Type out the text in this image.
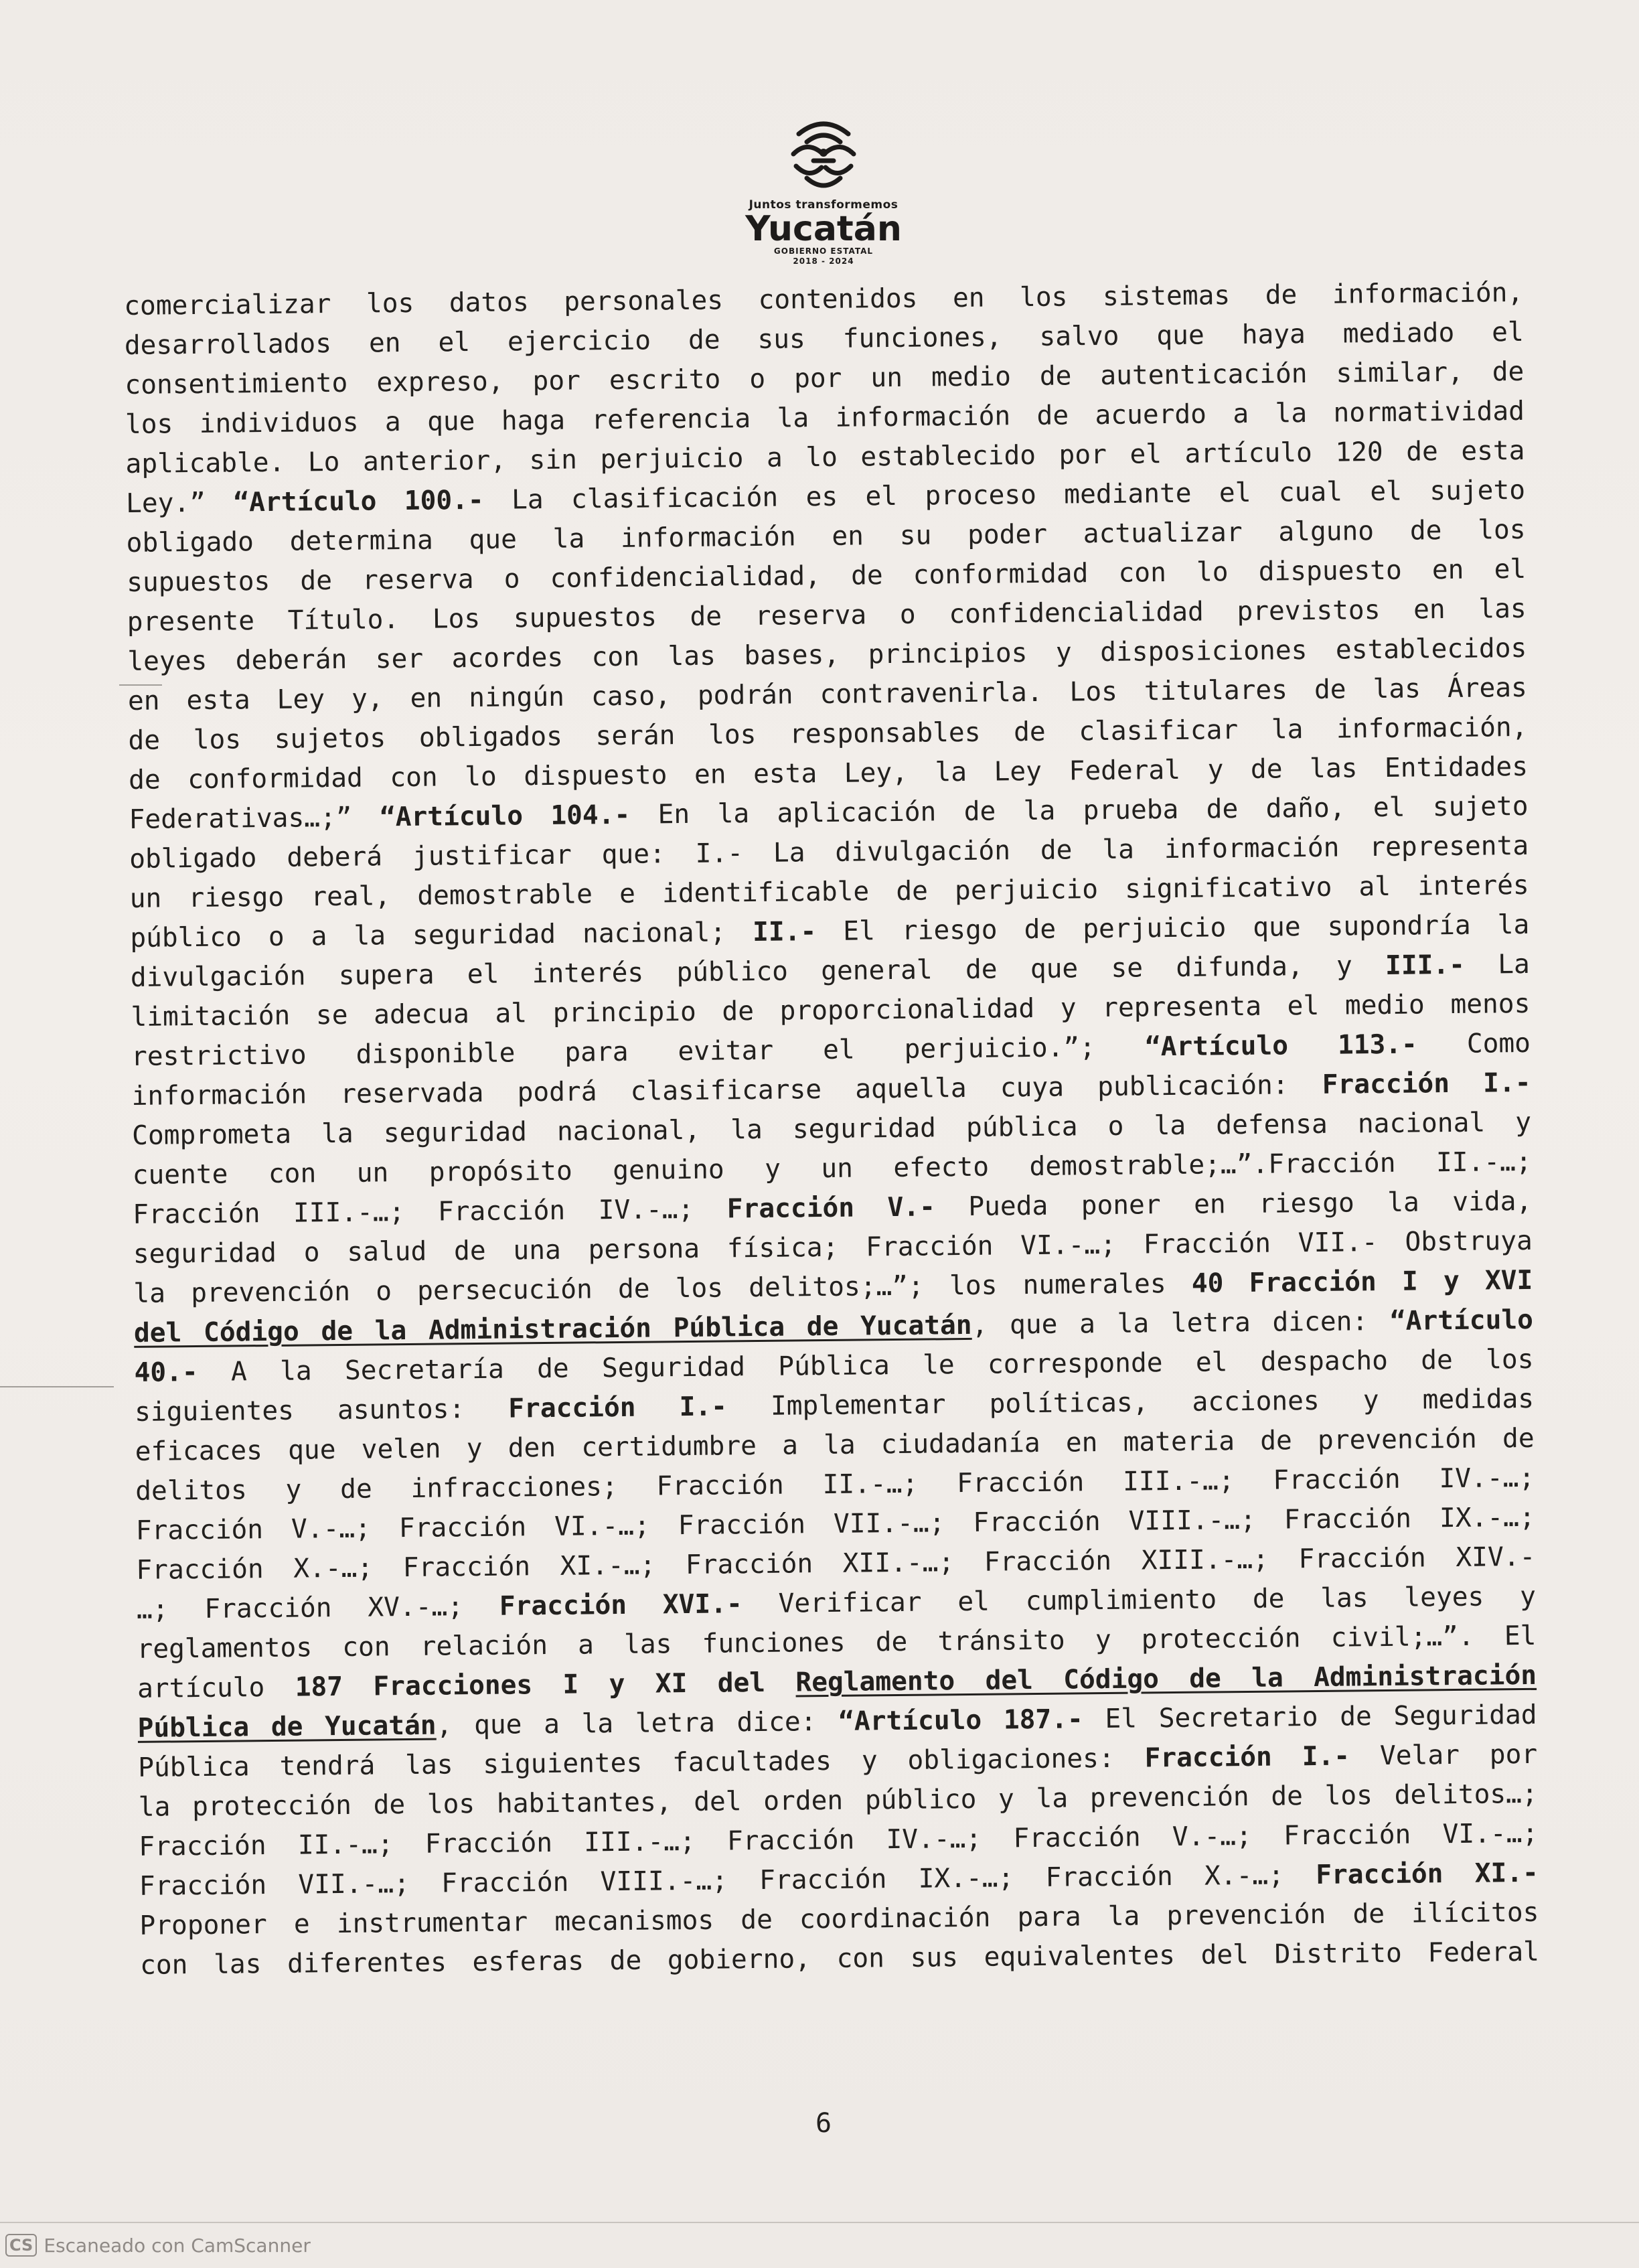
Juntos transformemos
Yucatán
GOBIERNO ESTATAL
2018 - 2024
comercializar los datos personales contenidos en los sistemas de información,
desarrollados en el ejercicio de sus funciones, salvo que haya mediado el
consentimiento expreso, por escrito o por un medio de autenticación similar, de
los individuos a que haga referencia la información de acuerdo a la normatividad
aplicable. Lo anterior, sin perjuicio a lo establecido por el artículo 120 de esta
Ley.” “Artículo 100.- La clasificación es el proceso mediante el cual el sujeto
obligado determina que la información en su poder actualizar alguno de los
supuestos de reserva o confidencialidad, de conformidad con lo dispuesto en el
presente Título. Los supuestos de reserva o confidencialidad previstos en las
leyes deberán ser acordes con las bases, principios y disposiciones establecidos
en esta Ley y, en ningún caso, podrán contravenirla. Los titulares de las Áreas
de los sujetos obligados serán los responsables de clasificar la información,
de conformidad con lo dispuesto en esta Ley, la Ley Federal y de las Entidades
Federativas…;” “Artículo 104.- En la aplicación de la prueba de daño, el sujeto
obligado deberá justificar que: I.- La divulgación de la información representa
un riesgo real, demostrable e identificable de perjuicio significativo al interés
público o a la seguridad nacional; II.- El riesgo de perjuicio que supondría la
divulgación supera el interés público general de que se difunda, y III.- La
limitación se adecua al principio de proporcionalidad y representa el medio menos
restrictivo disponible para evitar el perjuicio.”; “Artículo 113.- Como
información reservada podrá clasificarse aquella cuya publicación: Fracción I.-
Comprometa la seguridad nacional, la seguridad pública o la defensa nacional y
cuente con un propósito genuino y un efecto demostrable;…”.Fracción II.-…;
Fracción III.-…; Fracción IV.-…; Fracción V.- Pueda poner en riesgo la vida,
seguridad o salud de una persona física; Fracción VI.-…; Fracción VII.- Obstruya
la prevención o persecución de los delitos;…”; los numerales 40 Fracción I y XVI
del Código de la Administración Pública de Yucatán, que a la letra dicen: “Artículo
40.- A la Secretaría de Seguridad Pública le corresponde el despacho de los
siguientes asuntos: Fracción I.- Implementar políticas, acciones y medidas
eficaces que velen y den certidumbre a la ciudadanía en materia de prevención de
delitos y de infracciones; Fracción II.-…; Fracción III.-…; Fracción IV.-…;
Fracción V.-…; Fracción VI.-…; Fracción VII.-…; Fracción VIII.-…; Fracción IX.-…;
Fracción X.-…; Fracción XI.-…; Fracción XII.-…; Fracción XIII.-…; Fracción XIV.-
…; Fracción XV.-…; Fracción XVI.- Verificar el cumplimiento de las leyes y
reglamentos con relación a las funciones de tránsito y protección civil;…”. El
artículo 187 Fracciones I y XI del Reglamento del Código de la Administración
Pública de Yucatán, que a la letra dice: “Artículo 187.- El Secretario de Seguridad
Pública tendrá las siguientes facultades y obligaciones: Fracción I.- Velar por
la protección de los habitantes, del orden público y la prevención de los delitos…;
Fracción II.-…; Fracción III.-…; Fracción IV.-…; Fracción V.-…; Fracción VI.-…;
Fracción VII.-…; Fracción VIII.-…; Fracción IX.-…; Fracción X.-…; Fracción XI.-
Proponer e instrumentar mecanismos de coordinación para la prevención de ilícitos
con las diferentes esferas de gobierno, con sus equivalentes del Distrito Federal
6
CS Escaneado con CamScanner
